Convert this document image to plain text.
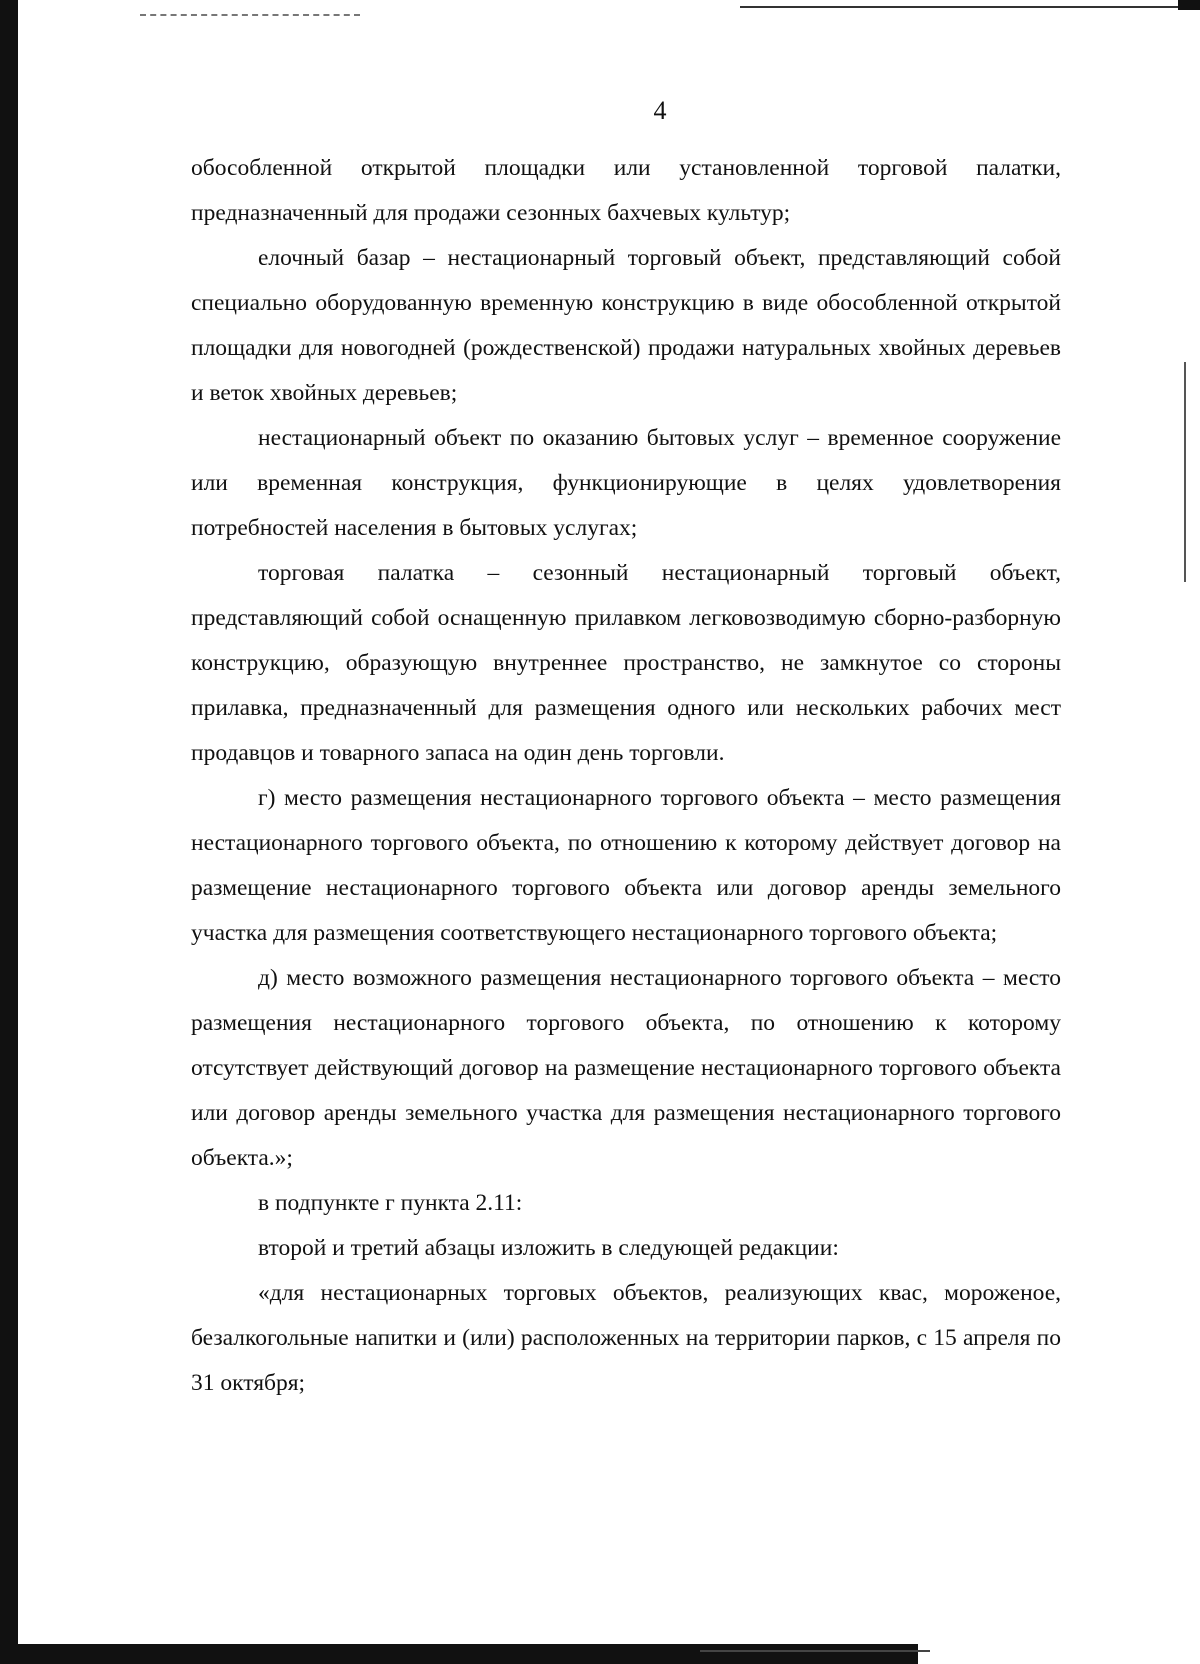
4

обособленной открытой площадки или установленной торговой палатки, предназначенный для продажи сезонных бахчевых культур;

елочный базар – нестационарный торговый объект, представляющий собой специально оборудованную временную конструкцию в виде обособленной открытой площадки для новогодней (рождественской) продажи натуральных хвойных деревьев и веток хвойных деревьев;

нестационарный объект по оказанию бытовых услуг – временное сооружение или временная конструкция, функционирующие в целях удовлетворения потребностей населения в бытовых услугах;

торговая палатка – сезонный нестационарный торговый объект, представляющий собой оснащенную прилавком легковозводимую сборно-разборную конструкцию, образующую внутреннее пространство, не замкнутое со стороны прилавка, предназначенный для размещения одного или нескольких рабочих мест продавцов и товарного запаса на один день торговли.

г) место размещения нестационарного торгового объекта – место размещения нестационарного торгового объекта, по отношению к которому действует договор на размещение нестационарного торгового объекта или договор аренды земельного участка для размещения соответствующего нестационарного торгового объекта;

д) место возможного размещения нестационарного торгового объекта – место размещения нестационарного торгового объекта, по отношению к которому отсутствует действующий договор на размещение нестационарного торгового объекта или договор аренды земельного участка для размещения нестационарного торгового объекта.»;

в подпункте г пункта 2.11:

второй и третий абзацы изложить в следующей редакции:

«для нестационарных торговых объектов, реализующих квас, мороженое, безалкогольные напитки и (или) расположенных на территории парков, с 15 апреля по 31 октября;
